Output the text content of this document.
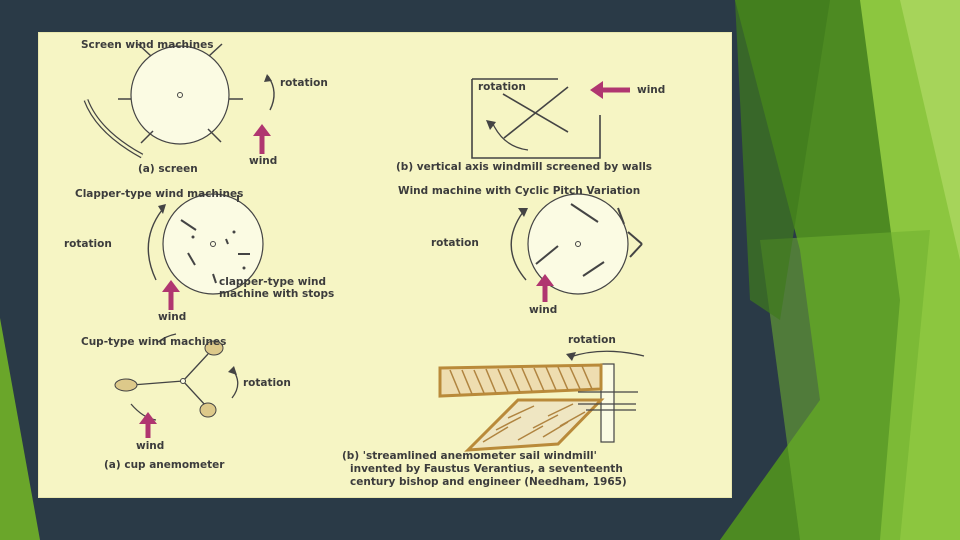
Screen wind machines
rotation
wind
(a) screen
rotation	wind
(b) vertical axis windmill screened by walls
Clapper-type wind machines
rotation
wind
clapper-type wind machine with stops
Wind machine with Cyclic Pitch Variation
rotation
wind
Cup-type wind machines
rotation
wind
(a) cup anemometer
rotation
(b) 'streamlined anemometer sail windmill'
invented by Faustus Verantius, a seventeenth
century bishop and engineer (Needham, 1965)
